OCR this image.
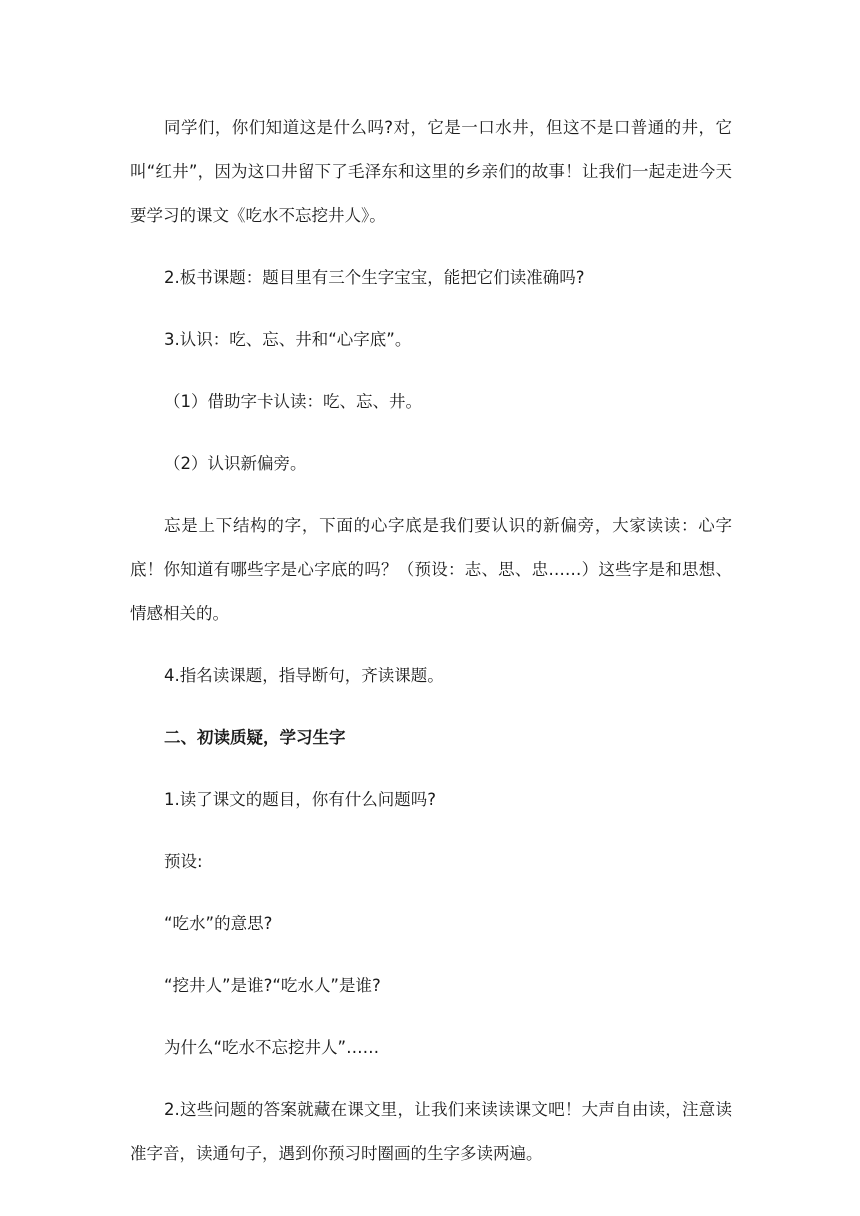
同学们，你们知道这是什么吗?对，它是一口水井，但这不是口普通的井，它叫“红井”，因为这口井留下了毛泽东和这里的乡亲们的故事！让我们一起走进今天要学习的课文《吃水不忘挖井人》。

2.板书课题：题目里有三个生字宝宝，能把它们读准确吗?

3.认识：吃、忘、井和“心字底”。

（1）借助字卡认读：吃、忘、井。

（2）认识新偏旁。

忘是上下结构的字，下面的心字底是我们要认识的新偏旁，大家读读：心字底！你知道有哪些字是心字底的吗？（预设：志、思、忠……）这些字是和思想、情感相关的。

4.指名读课题，指导断句，齐读课题。

二、初读质疑，学习生字

1.读了课文的题目，你有什么问题吗?

预设:

“吃水”的意思?

“挖井人”是谁?“吃水人”是谁?

为什么“吃水不忘挖井人”……

2.这些问题的答案就藏在课文里，让我们来读读课文吧！大声自由读，注意读准字音，读通句子，遇到你预习时圈画的生字多读两遍。
